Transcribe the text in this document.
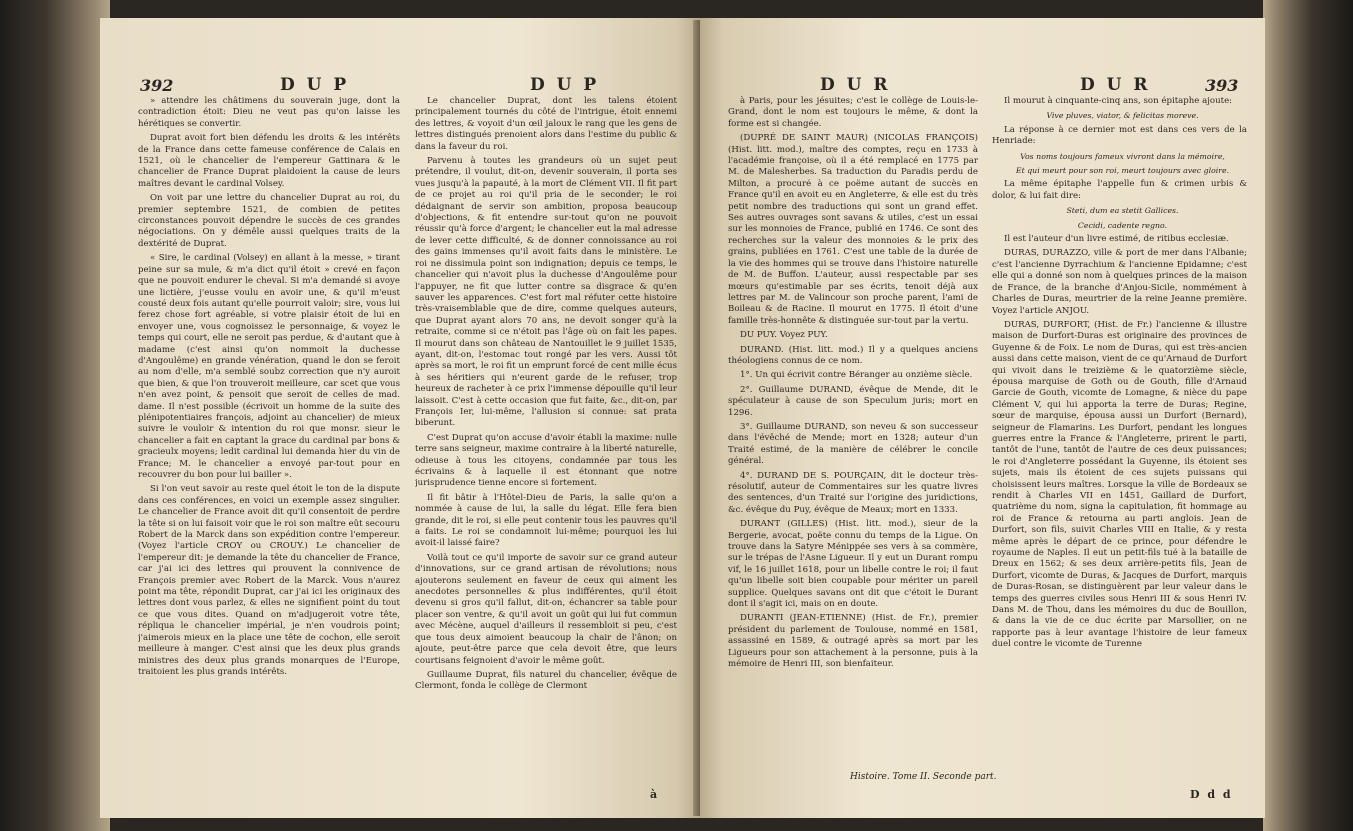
392	D U P	D U P

» attendre les châtimens du souverain juge, dont la contradiction étoit: Dieu ne veut pas qu'on laisse les hérétiques se convertir.

Duprat avoit fort bien défendu les droits & les intérêts de la France dans cette fameuse conférence de Calais en 1521, où le chancelier de l'empereur Gattinara & le chancelier de France Duprat plaidoient la cause de leurs maîtres devant le cardinal Volsey.

On voit par une lettre du chancelier Duprat au roi, du premier septembre 1521, de combien de petites circonstances pouvoit dépendre le succès de ces grandes négociations. On y démêle aussi quelques traits de la dextérité de Duprat.

« Sire, le cardinal (Volsey) en allant à la messe, » tirant peine sur sa mule, & m'a dict qu'il étoit » crevé en façon que ne pouvoit endurer le cheval. Si m'a demandé si avoye une lictière, j'eusse voulu en avoir une, & qu'il m'eust cousté deux fois autant qu'elle pourroit valoir; sire, vous lui ferez chose fort agréable, si votre plaisir étoit de lui en envoyer une, vous cognoissez le personnaige, & voyez le temps qui court, elle ne seroit pas perdue, & d'autant que à madame (c'est ainsi qu'on nommoit la duchesse d'Angoulême) en grande vénération, quand le don se feroit au nom d'elle, m'a semblé soubz correction que n'y auroit que bien, & que l'on trouveroit meilleure, car scet que vous n'en avez point, & pensoit que seroit de celles de mad. dame. Il n'est possible (écrivoit un homme de la suite des plénipotentiaires françois, adjoint au chancelier) de mieux suivre le vouloir & intention du roi que monsr. sieur le chancelier a fait en captant la grace du cardinal par bons & gracieulx moyens; ledit cardinal lui demanda hier du vin de France; M. le chancelier a envoyé par-tout pour en recouvrer du bon pour lui bailler ».

Si l'on veut savoir au reste quel étoit le ton de la dispute dans ces conférences, en voici un exemple assez singulier. Le chancelier de France avoit dit qu'il consentoit de perdre la tête si on lui faisoit voir que le roi son maître eût secouru Robert de la Marck dans son expédition contre l'empereur. (Voyez l'article CROY ou CROUY.) Le chancelier de l'empereur dit: je demande la tête du chancelier de France, car j'ai ici des lettres qui prouvent la connivence de François premier avec Robert de la Marck. Vous n'aurez point ma tête, répondit Duprat, car j'ai ici les originaux des lettres dont vous parlez, & elles ne signifient point du tout ce que vous dites. Quand on m'adjugeroit votre tête, répliqua le chancelier impérial, je n'en voudrois point; j'aimerois mieux en la place une tête de cochon, elle seroit meilleure à manger. C'est ainsi que les deux plus grands ministres des deux plus grands monarques de l'Europe, traitoient les plus grands intérêts.

Le chancelier Duprat, dont les talens étoient principalement tournés du côté de l'intrigue, étoit ennemi des lettres, & voyoit d'un œil jaloux le rang que les gens de lettres distingués prenoient alors dans l'estime du public & dans la faveur du roi.

Parvenu à toutes les grandeurs où un sujet peut prétendre, il voulut, dit-on, devenir souverain, il porta ses vues jusqu'à la papauté, à la mort de Clément VII. Il fit part de ce projet au roi qu'il pria de le seconder; le roi dédaignant de servir son ambition, proposa beaucoup d'objections, & fit entendre sur-tout qu'on ne pouvoit réussir qu'à force d'argent; le chancelier eut la mal adresse de lever cette difficulté, & de donner connoissance au roi des gains immenses qu'il avoit faits dans le ministère. Le roi ne dissimula point son indignation; depuis ce temps, le chancelier qui n'avoit plus la duchesse d'Angoulême pour l'appuyer, ne fit que lutter contre sa disgrace & qu'en sauver les apparences. C'est fort mal réfuter cette histoire très-vraisemblable que de dire, comme quelques auteurs, que Duprat ayant alors 70 ans, ne devoit songer qu'à la retraite, comme si ce n'étoit pas l'âge où on fait les papes. Il mourut dans son château de Nantouillet le 9 juillet 1535, ayant, dit-on, l'estomac tout rongé par les vers. Aussi tôt après sa mort, le roi fit un emprunt forcé de cent mille écus à ses héritiers qui n'eurent garde de le refuser, trop heureux de racheter à ce prix l'immense dépouille qu'il leur laissoit. C'est à cette occasion que fut faite, &c., dit-on, par François Ier, lui-même, l'allusion si connue: sat prata biberunt.

C'est Duprat qu'on accuse d'avoir établi la maxime: nulle terre sans seigneur, maxime contraire à la liberté naturelle, odieuse à tous les citoyens, condamnée par tous les écrivains & à laquelle il est étonnant que notre jurisprudence tienne encore si fortement.

Il fit bâtir à l'Hôtel-Dieu de Paris, la salle qu'on a nommée à cause de lui, la salle du légat. Elle fera bien grande, dit le roi, si elle peut contenir tous les pauvres qu'il a faits. Le roi se condamnoit lui-même; pourquoi les lui avoit-il laissé faire?

Voilà tout ce qu'il importe de savoir sur ce grand auteur d'innovations, sur ce grand artisan de révolutions; nous ajouterons seulement en faveur de ceux qui aiment les anecdotes personnelles & plus indifférentes, qu'il étoit devenu si gros qu'il fallut, dit-on, échancrer sa table pour placer son ventre, & qu'il avoit un goût qui lui fut commun avec Mécène, auquel d'ailleurs il ressembloit si peu, c'est que tous deux aimoient beaucoup la chair de l'ânon; on ajoute, peut-être parce que cela devoit être, que leurs courtisans feignoient d'avoir le même goût.

Guillaume Duprat, fils naturel du chancelier, évêque de Clermont, fonda le collège de Clermont

à
D U R	D U R	393

à Paris, pour les jésuites; c'est le collège de Louis-le-Grand, dont le nom est toujours le même, & dont la forme est si changée.

(DUPRÉ DE SAINT MAUR) (NICOLAS FRANÇOIS) (Hist. litt. mod.), maître des comptes, reçu en 1733 à l'académie françoise, où il a été remplacé en 1775 par M. de Malesherbes. Sa traduction du Paradis perdu de Milton, a procuré à ce poëme autant de succès en France qu'il en avoit eu en Angleterre, & elle est du très petit nombre des traductions qui sont un grand effet. Ses autres ouvrages sont savans & utiles, c'est un essai sur les monnoies de France, publié en 1746. Ce sont des recherches sur la valeur des monnoies & le prix des grains, publiées en 1761. C'est une table de la durée de la vie des hommes qui se trouve dans l'histoire naturelle de M. de Buffon. L'auteur, aussi respectable par ses mœurs qu'estimable par ses écrits, tenoit déjà aux lettres par M. de Valincour son proche parent, l'ami de Boileau & de Racine. Il mourut en 1775. Il étoit d'une famille très-honnête & distinguée sur-tout par la vertu.

DU PUY. Voyez PUY.

DURAND. (Hist. litt. mod.) Il y a quelques anciens théologiens connus de ce nom.

1°. Un qui écrivit contre Béranger au onzième siècle.

2°. Guillaume DURAND, évêque de Mende, dit le spéculateur à cause de son Speculum juris; mort en 1296.

3°. Guillaume DURAND, son neveu & son successeur dans l'évêché de Mende; mort en 1328; auteur d'un Traité estimé, de la manière de célébrer le concile général.

4°. DURAND DE S. POURÇAIN, dit le docteur très-résolutif, auteur de Commentaires sur les quatre livres des sentences, d'un Traité sur l'origine des juridictions, &c. évêque du Puy, évêque de Meaux; mort en 1333.

DURANT (GILLES) (Hist. litt. mod.), sieur de la Bergerie, avocat, poëte connu du temps de la Ligue. On trouve dans la Satyre Ménippée ses vers à sa commère, sur le trépas de l'Asne Ligueur. Il y eut un Durant rompu vif, le 16 juillet 1618, pour un libelle contre le roi; il faut qu'un libelle soit bien coupable pour mériter un pareil supplice. Quelques savans ont dit que c'étoit le Durant dont il s'agit ici, mais on en doute.

DURANTI (JEAN-ETIENNE) (Hist. de Fr.), premier président du parlement de Toulouse, nommé en 1581, assassiné en 1589, & outragé après sa mort par les Ligueurs pour son attachement à la personne, puis à la mémoire de Henri III, son bienfaiteur.

Il mourut à cinquante-cinq ans, son épitaphe ajoute:

Vive pluves, viator, & felicitas moreve.

La réponse à ce dernier mot est dans ces vers de la Henriade:

Vos noms toujours fameux vivront dans la mémoire,

Et qui meurt pour son roi, meurt toujours avec gloire.

La même épitaphe l'appelle fun & crimen urbis & dolor, & lui fait dire:

Steti, dum ea stetit Gallices.

Cecidi, cadente regno.

Il est l'auteur d'un livre estimé, de ritibus ecclesiæ.

DURAS, DURAZZO, ville & port de mer dans l'Albanie; c'est l'ancienne Dyrrachium & l'ancienne Epidamne; c'est elle qui a donné son nom à quelques princes de la maison de France, de la branche d'Anjou-Sicile, nommément à Charles de Duras, meurtrier de la reine Jeanne première. Voyez l'article ANJOU.

DURAS, DURFORT, (Hist. de Fr.) l'ancienne & illustre maison de Durfort-Duras est originaire des provinces de Guyenne & de Foix. Le nom de Duras, qui est très-ancien aussi dans cette maison, vient de ce qu'Arnaud de Durfort qui vivoit dans le treizième & le quatorzième siècle, épousa marquise de Goth ou de Gouth, fille d'Arnaud Garcie de Gouth, vicomte de Lomagne, & nièce du pape Clément V, qui lui apporta la terre de Duras; Regine, sœur de marquise, épousa aussi un Durfort (Bernard), seigneur de Flamarins. Les Durfort, pendant les longues guerres entre la France & l'Angleterre, prirent le parti, tantôt de l'une, tantôt de l'autre de ces deux puissances; le roi d'Angleterre possédant la Guyenne, ils étoient ses sujets, mais ils étoient de ces sujets puissans qui choisissent leurs maîtres. Lorsque la ville de Bordeaux se rendit à Charles VII en 1451, Gaillard de Durfort, quatrième du nom, signa la capitulation, fit hommage au roi de France & retourna au parti anglois. Jean de Durfort, son fils, suivit Charles VIII en Italie, & y resta même après le départ de ce prince, pour défendre le royaume de Naples. Il eut un petit-fils tué à la bataille de Dreux en 1562; & ses deux arrière-petits fils, Jean de Durfort, vicomte de Duras, & Jacques de Durfort, marquis de Duras-Rosan, se distinguèrent par leur valeur dans le temps des guerres civiles sous Henri III & sous Henri IV. Dans M. de Thou, dans les mémoires du duc de Bouillon, & dans la vie de ce duc écrite par Marsollier, on ne rapporte pas à leur avantage l'histoire de leur fameux duel contre le vicomte de Turenne

Histoire. Tome II. Seconde part.
D d d
